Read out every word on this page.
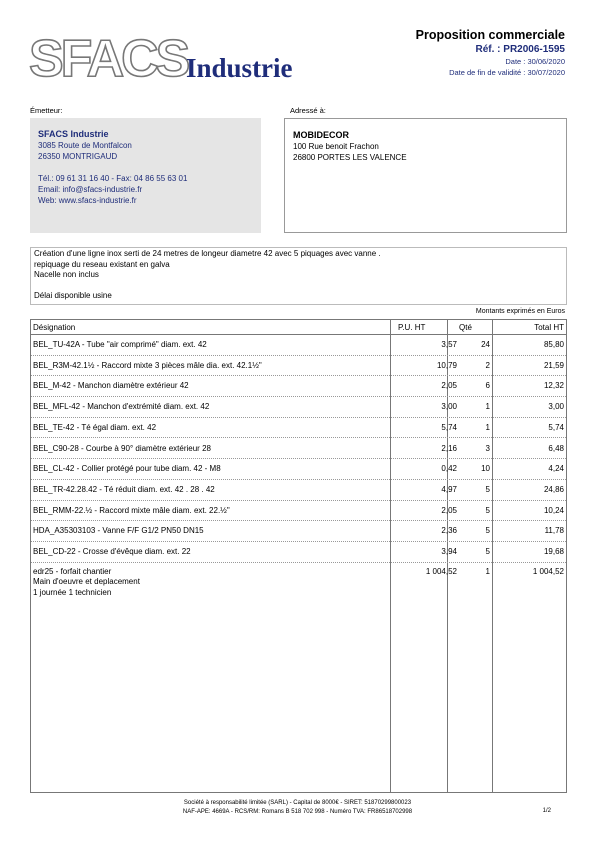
SFACS
Industrie
Proposition commerciale
Réf. : PR2006-1595
Date : 30/06/2020
Date de fin de validité : 30/07/2020
Émetteur:	Adressé à:
SFACS Industrie
3085 Route de Montfalcon
26350 MONTRIGAUD
Tél.: 09 61 31 16 40 - Fax: 04 86 55 63 01
Email: info@sfacs-industrie.fr
Web: www.sfacs-industrie.fr
MOBIDECOR
100 Rue benoit Frachon
26800 PORTES LES VALENCE
Création d'une ligne inox serti de 24 metres de longeur diametre 42 avec 5 piquages avec vanne .
repiquage du reseau existant en galva
Nacelle non inclus
Délai disponible usine
Montants exprimés en Euros
Désignation	P.U. HT	Qté	Total HT
BEL_TU-42A - Tube "air comprimé" diam. ext. 42	3,57	24	85,80
BEL_R3M-42.1½ - Raccord mixte 3 pièces mâle dia. ext. 42.1½"	10,79	2	21,59
BEL_M-42 - Manchon diamètre extérieur 42	2,05	6	12,32
BEL_MFL-42 - Manchon d'extrémité diam. ext. 42	3,00	1	3,00
BEL_TE-42 - Té égal diam. ext. 42	5,74	1	5,74
BEL_C90-28 - Courbe à 90° diamètre extérieur 28	2,16	3	6,48
BEL_CL-42 - Collier protégé pour tube diam. 42 - M8	0,42	10	4,24
BEL_TR-42.28.42 - Té réduit diam. ext. 42 . 28 . 42	4,97	5	24,86
BEL_RMM-22.½ - Raccord mixte mâle diam. ext. 22.½"	2,05	5	10,24
HDA_A35303103 - Vanne F/F G1/2 PN50 DN15	2,36	5	11,78
BEL_CD-22 - Crosse d'évêque diam. ext. 22	3,94	5	19,68
edr25 - forfait chantier
Main d'oeuvre et deplacement
1 journée 1 technicien
1 004,52	1	1 004,52
Société à responsabilité limitée (SARL) - Capital de 8000€ - SIRET: 51870299800023
NAF-APE: 4669A - RCS/RM: Romans B 518 702 998 - Numéro TVA: FR86518702998	1/2
